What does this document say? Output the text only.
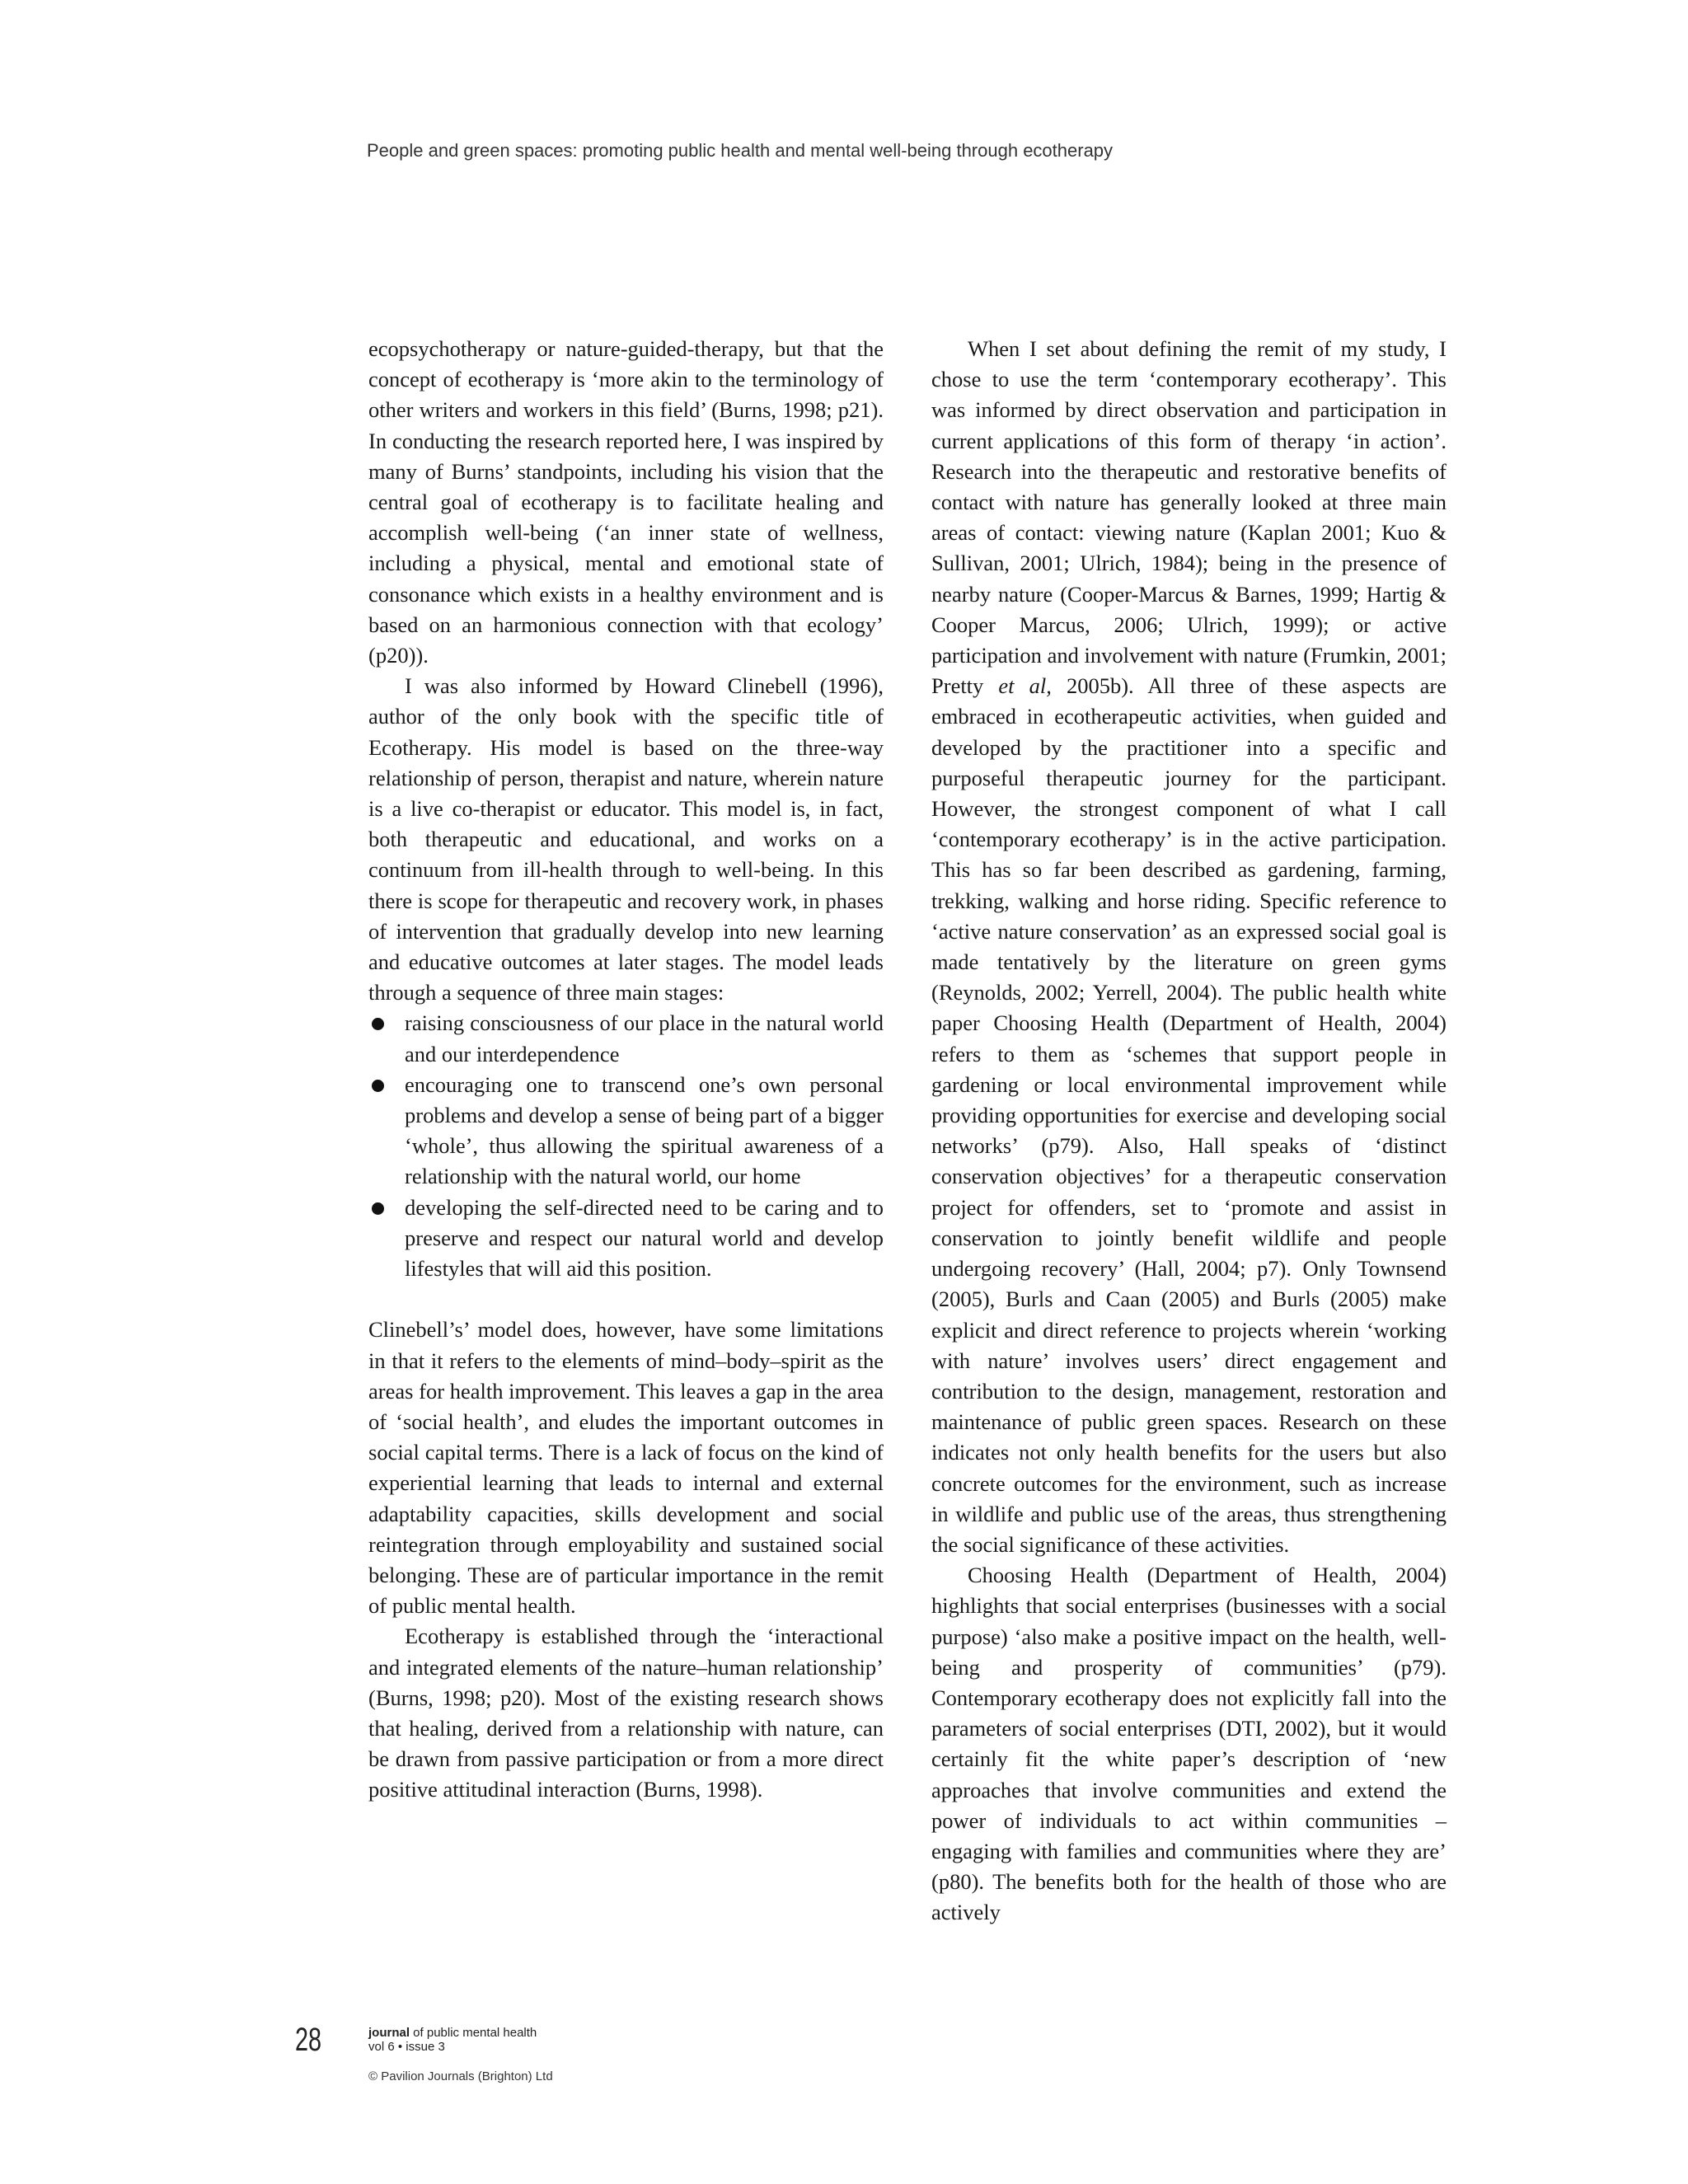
People and green spaces: promoting public health and mental well-being through ecotherapy

ecopsychotherapy or nature-guided-therapy, but that the concept of ecotherapy is ‘more akin to the terminology of other writers and workers in this field’ (Burns, 1998; p21). In conducting the research reported here, I was inspired by many of Burns’ standpoints, including his vision that the central goal of ecotherapy is to facilitate healing and accomplish well-being (‘an inner state of wellness, including a physical, mental and emotional state of consonance which exists in a healthy environment and is based on an harmonious connection with that ecology’ (p20)).

I was also informed by Howard Clinebell (1996), author of the only book with the specific title of Ecotherapy. His model is based on the three-way relationship of person, therapist and nature, wherein nature is a live co-therapist or educator. This model is, in fact, both therapeutic and educational, and works on a continuum from ill-health through to well-being. In this there is scope for therapeutic and recovery work, in phases of intervention that gradually develop into new learning and educative outcomes at later stages. The model leads through a sequence of three main stages:

raising consciousness of our place in the natural world and our interdependence
encouraging one to transcend one’s own personal problems and develop a sense of being part of a bigger ‘whole’, thus allowing the spiritual awareness of a relationship with the natural world, our home
developing the self-directed need to be caring and to preserve and respect our natural world and develop lifestyles that will aid this position.

Clinebell’s’ model does, however, have some limitations in that it refers to the elements of mind–body–spirit as the areas for health improvement. This leaves a gap in the area of ‘social health’, and eludes the important outcomes in social capital terms. There is a lack of focus on the kind of experiential learning that leads to internal and external adaptability capacities, skills development and social reintegration through employability and sustained social belonging. These are of particular importance in the remit of public mental health.

Ecotherapy is established through the ‘interactional and integrated elements of the nature–human relationship’ (Burns, 1998; p20). Most of the existing research shows that healing, derived from a relationship with nature, can be drawn from passive participation or from a more direct positive attitudinal interaction (Burns, 1998).

When I set about defining the remit of my study, I chose to use the term ‘contemporary ecotherapy’. This was informed by direct observation and participation in current applications of this form of therapy ‘in action’. Research into the therapeutic and restorative benefits of contact with nature has generally looked at three main areas of contact: viewing nature (Kaplan 2001; Kuo & Sullivan, 2001; Ulrich, 1984); being in the presence of nearby nature (Cooper-Marcus & Barnes, 1999; Hartig & Cooper Marcus, 2006; Ulrich, 1999); or active participation and involvement with nature (Frumkin, 2001; Pretty et al, 2005b). All three of these aspects are embraced in ecotherapeutic activities, when guided and developed by the practitioner into a specific and purposeful therapeutic journey for the participant. However, the strongest component of what I call ‘contemporary ecotherapy’ is in the active participation. This has so far been described as gardening, farming, trekking, walking and horse riding. Specific reference to ‘active nature conservation’ as an expressed social goal is made tentatively by the literature on green gyms (Reynolds, 2002; Yerrell, 2004). The public health white paper Choosing Health (Department of Health, 2004) refers to them as ‘schemes that support people in gardening or local environmental improvement while providing opportunities for exercise and developing social networks’ (p79). Also, Hall speaks of ‘distinct conservation objectives’ for a therapeutic conservation project for offenders, set to ‘promote and assist in conservation to jointly benefit wildlife and people undergoing recovery’ (Hall, 2004; p7). Only Townsend (2005), Burls and Caan (2005) and Burls (2005) make explicit and direct reference to projects wherein ‘working with nature’ involves users’ direct engagement and contribution to the design, management, restoration and maintenance of public green spaces. Research on these indicates not only health benefits for the users but also concrete outcomes for the environment, such as increase in wildlife and public use of the areas, thus strengthening the social significance of these activities.

Choosing Health (Department of Health, 2004) highlights that social enterprises (businesses with a social purpose) ‘also make a positive impact on the health, well-being and prosperity of communities’ (p79). Contemporary ecotherapy does not explicitly fall into the parameters of social enterprises (DTI, 2002), but it would certainly fit the white paper’s description of ‘new approaches that involve communities and extend the power of individuals to act within communities – engaging with families and communities where they are’ (p80). The benefits both for the health of those who are actively

28	journal of public mental health
vol 6 • issue 3
© Pavilion Journals (Brighton) Ltd
